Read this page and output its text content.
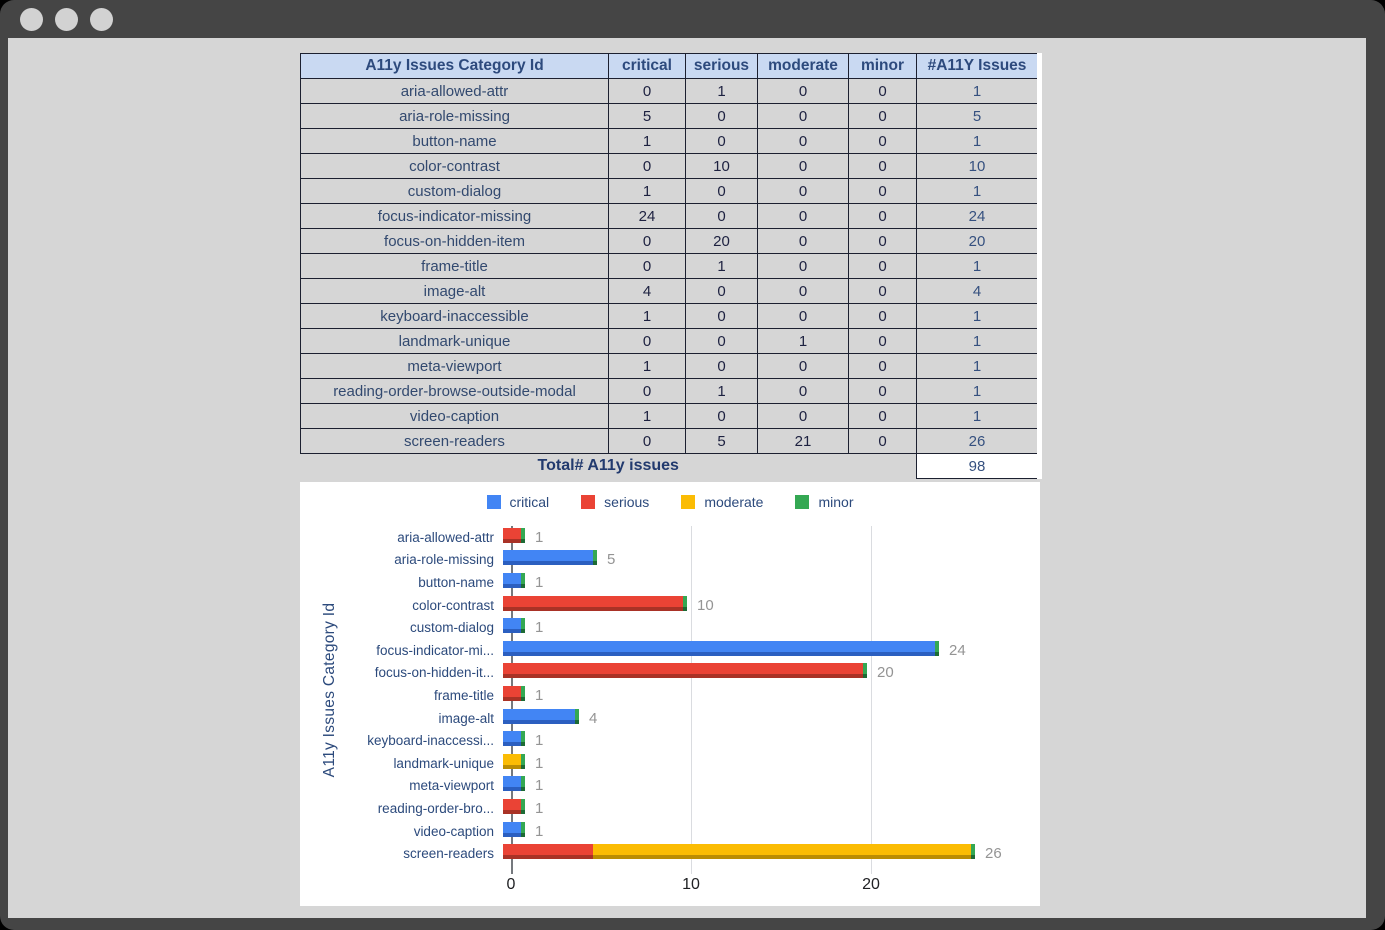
A11y Issues Category Id	critical	serious	moderate	minor	#A11Y Issues
aria-allowed-attr	0	1	0	0	1
aria-role-missing	5	0	0	0	5
button-name	1	0	0	0	1
color-contrast	0	10	0	0	10
custom-dialog	1	0	0	0	1
focus-indicator-missing	24	0	0	0	24
focus-on-hidden-item	0	20	0	0	20
frame-title	0	1	0	0	1
image-alt	4	0	0	0	4
keyboard-inaccessible	1	0	0	0	1
landmark-unique	0	0	1	0	1
meta-viewport	1	0	0	0	1
reading-order-browse-outside-modal	0	1	0	0	1
video-caption	1	0	0	0	1
screen-readers	0	5	21	0	26
Total# A11y issues					98
critical	serious	moderate	minor
0	10	20
aria-allowed-attr	1
aria-role-missing	5
button-name	1
color-contrast	10
custom-dialog	1
focus-indicator-mi...	24
focus-on-hidden-it...	20
frame-title	1
image-alt	4
keyboard-inaccessi...	1
landmark-unique	1
meta-viewport	1
reading-order-bro...	1
video-caption	1
screen-readers	26
A11y Issues Category Id
